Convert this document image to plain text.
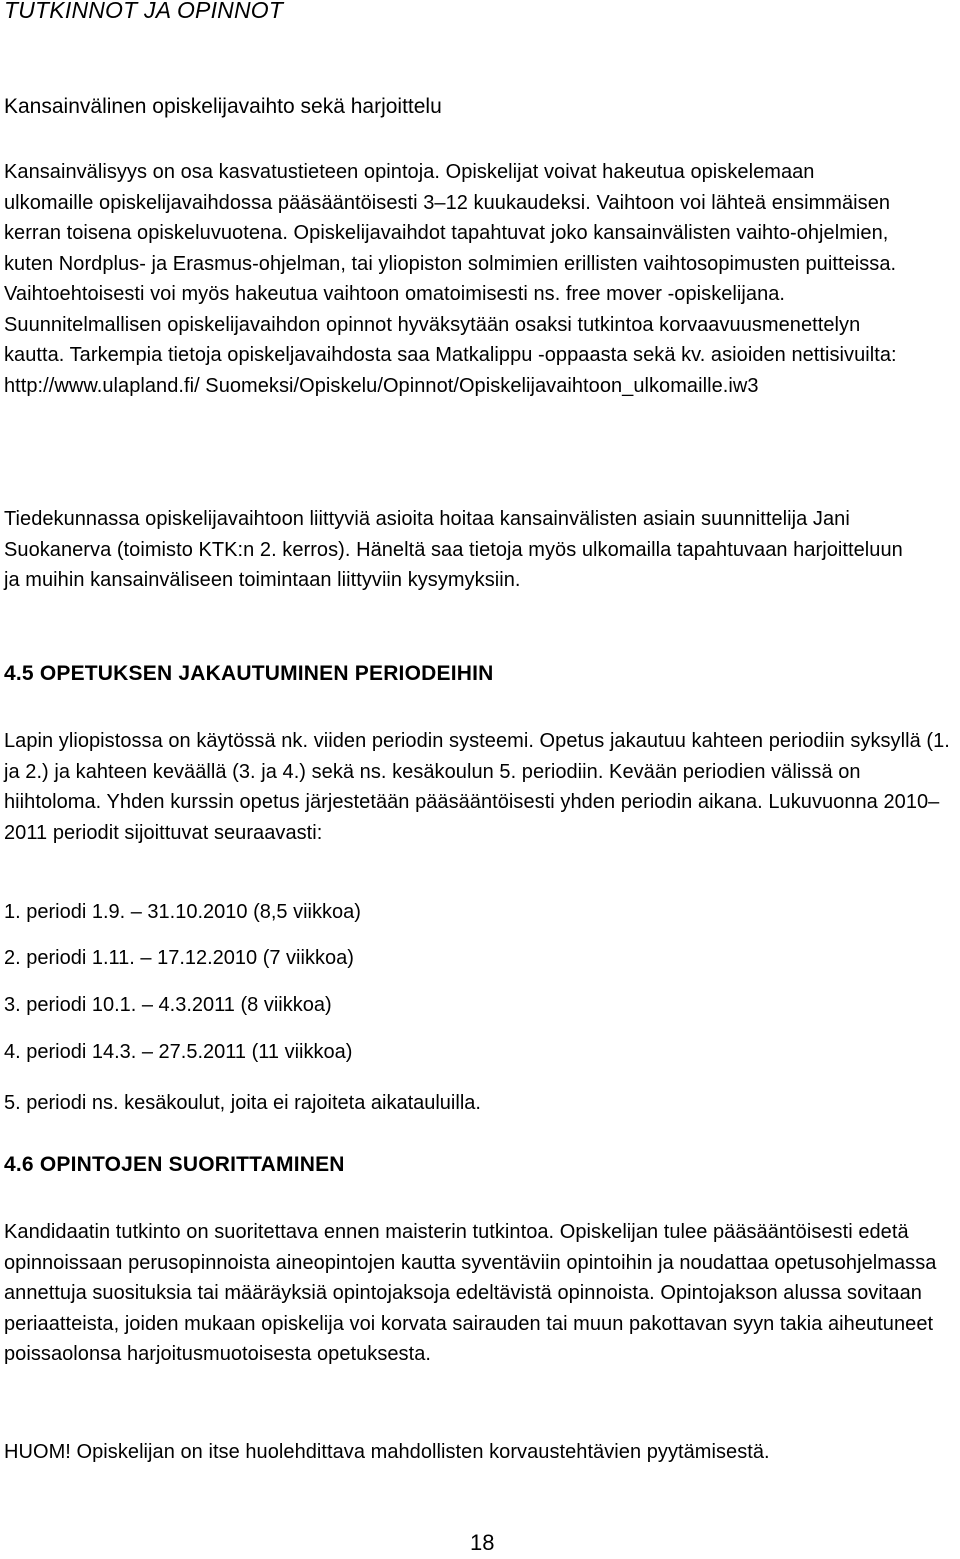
TUTKINNOT JA OPINNOT
Kansainvälinen opiskelijavaihto sekä harjoittelu

Kansainvälisyys on osa kasvatustieteen opintoja. Opiskelijat voivat hakeutua opiskelemaan ulkomaille opiskelijavaihdossa pääsääntöisesti 3–12 kuukaudeksi. Vaihtoon voi lähteä ensimmäisen kerran toisena opiskeluvuotena. Opiskelijavaihdot tapahtuvat joko kansainvälisten vaihto-ohjelmien, kuten Nordplus- ja Erasmus-ohjelman, tai yliopiston solmimien erillisten vaihtosopimusten puitteissa. Vaihtoehtoisesti voi myös hakeutua vaihtoon omatoimisesti ns. free mover -opiskelijana. Suunnitelmallisen opiskelijavaihdon opinnot hyväksytään osaksi tutkintoa korvaavuusmenettelyn kautta. Tarkempia tietoja opiskeljavaihdosta saa Matkalippu -oppaasta sekä kv. asioiden nettisivuilta: http://www.ulapland.fi/ Suomeksi/Opiskelu/Opinnot/Opiskelijavaihtoon_ulkomaille.iw3

Tiedekunnassa opiskelijavaihtoon liittyviä asioita hoitaa kansainvälisten asiain suunnittelija Jani Suokanerva (toimisto KTK:n 2. kerros). Häneltä saa tietoja myös ulkomailla tapahtuvaan harjoitteluun ja muihin kansainväliseen toimintaan liittyviin kysymyksiin.

4.5 OPETUKSEN JAKAUTUMINEN PERIODEIHIN

Lapin yliopistossa on käytössä nk. viiden periodin systeemi. Opetus jakautuu kahteen periodiin syksyllä (1. ja 2.) ja kahteen keväällä (3. ja 4.) sekä ns. kesäkoulun 5. periodiin. Kevään periodien välissä on hiihtoloma. Yhden kurssin opetus järjestetään pääsääntöisesti yhden periodin aikana. Lukuvuonna 2010–2011 periodit sijoittuvat seuraavasti:

1. periodi 1.9. – 31.10.2010 (8,5 viikkoa)

2. periodi 1.11. – 17.12.2010 (7 viikkoa)

3. periodi 10.1. – 4.3.2011 (8 viikkoa)

4. periodi 14.3. – 27.5.2011 (11 viikkoa)

5. periodi ns. kesäkoulut, joita ei rajoiteta aikatauluilla.

4.6 OPINTOJEN SUORITTAMINEN

Kandidaatin tutkinto on suoritettava ennen maisterin tutkintoa. Opiskelijan tulee pääsääntöisesti edetä opinnoissaan perusopinnoista aineopintojen kautta syventäviin opintoihin ja noudattaa opetusohjelmassa annettuja suosituksia tai määräyksiä opintojaksoja edeltävistä opinnoista. Opintojakson alussa sovitaan periaatteista, joiden mukaan opiskelija voi korvata sairauden tai muun pakottavan syyn takia aiheutuneet poissaolonsa harjoitusmuotoisesta opetuksesta.

HUOM! Opiskelijan on itse huolehdittava mahdollisten korvaustehtävien pyytämisestä.

18
